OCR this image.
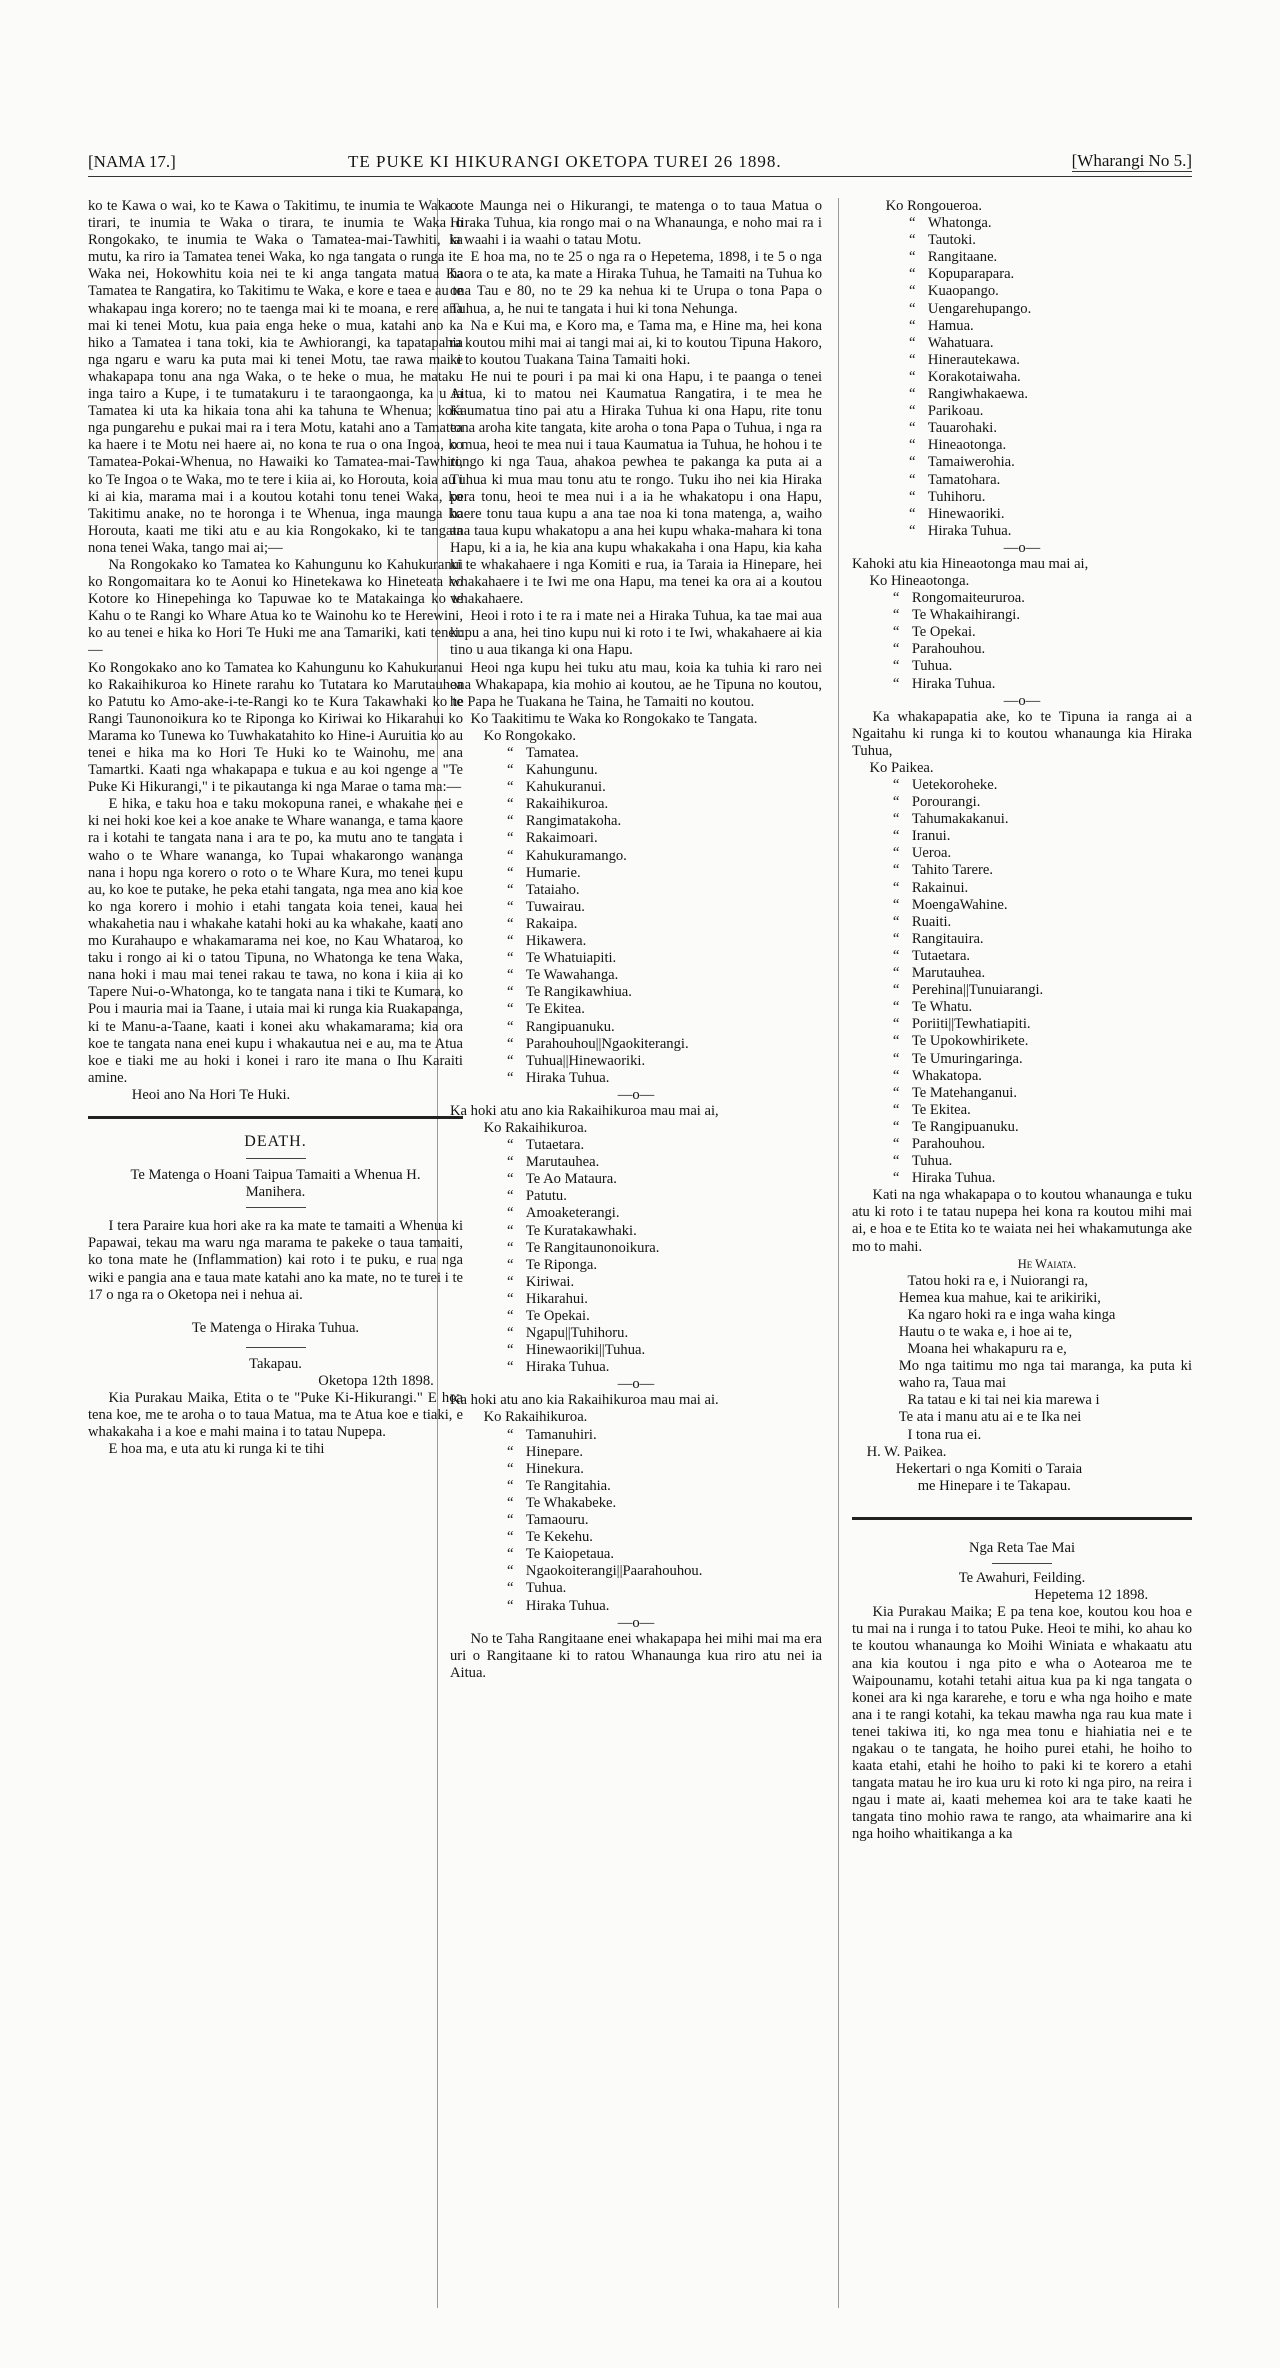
[NAMA 17.]	TE PUKE KI HIKURANGI OKETOPA TUREI 26 1898.	[Wharangi No 5.]

ko te Kawa o wai, ko te Kawa o Takitimu, te inumia te Waka o tirari, te inumia te Waka o tirara, te inumia te Waka o Rongokako, te inumia te Waka o Tamatea-mai-Tawhiti, ka mutu, ka riro ia Tamatea tenei Waka, ko nga tangata o runga ite Waka nei, Hokowhitu koia nei te ki anga tangata matua Ka Tamatea te Rangatira, ko Takitimu te Waka, e kore e taea e au te whakapau inga korero; no te taenga mai ki te moana, e rere ana mai ki tenei Motu, kua paia enga heke o mua, katahi ano ka hiko a Tamatea i tana toki, kia te Awhiorangi, ka tapatapahia nga ngaru e waru ka puta mai ki tenei Motu, tae rawa mai e whakapapa tonu ana nga Waka, o te heke o mua, he mataku inga tairo a Kupe, i te tumatakuru i te taraongaonga, ka u ia Tamatea ki uta ka hikaia tona ahi ka tahuna te Whenua; koia nga pungarehu e pukai mai ra i tera Motu, katahi ano a Tamatea ka haere i te Motu nei haere ai, no kona te rua o ona Ingoa, ko Tamatea-Pokai-Whenua, no Hawaiki ko Tamatea-mai-Tawhiti, ko Te Ingoa o te Waka, mo te tere i kiia ai, ko Horouta, koia au i ki ai kia, marama mai i a koutou kotahi tonu tenei Waka, ko Takitimu anake, no te horonga i te Whenua, inga maunga ko Horouta, kaati me tiki atu e au kia Rongokako, ki te tangata nona tenei Waka, tango mai ai;—

Na Rongokako ko Tamatea ko Kahungunu ko Kahukuranui ko Rongomaitara ko te Aonui ko Hinetekawa ko Hineteata ko Kotore ko Hinepehinga ko Tapuwae ko te Matakainga ko te Kahu o te Rangi ko Whare Atua ko te Wainohu ko te Herewini, ko au tenei e hika ko Hori Te Huki me ana Tamariki, kati tenei:—

Ko Rongokako ano ko Tamatea ko Kahungunu ko Kahukuranui ko Rakaihikuroa ko Hinete rarahu ko Tutatara ko Marutauhea ko Patutu ko Amo-ake-i-te-Rangi ko te Kura Takawhaki ko te Rangi Taunonoikura ko te Riponga ko Kiriwai ko Hikarahui ko Marama ko Tunewa ko Tuwhakatahito ko Hine-i Auruitia ko au tenei e hika ma ko Hori Te Huki ko te Wainohu, me ana Tamartki. Kaati nga whakapapa e tukua e au koi ngenge a "Te Puke Ki Hikurangi," i te pikautanga ki nga Marae o tama ma:—

E hika, e taku hoa e taku mokopuna ranei, e whakahe nei e ki nei hoki koe kei a koe anake te Whare wananga, e tama kaore ra i kotahi te tangata nana i ara te po, ka mutu ano te tangata i waho o te Whare wananga, ko Tupai whakarongo wananga nana i hopu nga korero o roto o te Whare Kura, mo tenei kupu au, ko koe te putake, he peka etahi tangata, nga mea ano kia koe ko nga korero i mohio i etahi tangata koia tenei, kaua hei whakahetia nau i whakahe katahi hoki au ka whakahe, kaati ano mo Kurahaupo e whakamarama nei koe, no Kau Whataroa, ko taku i rongo ai ki o tatou Tipuna, no Whatonga ke tena Waka, nana hoki i mau mai tenei rakau te tawa, no kona i kiia ai ko Tapere Nui-o-Whatonga, ko te tangata nana i tiki te Kumara, ko Pou i mauria mai ia Taane, i utaia mai ki runga kia Ruakapanga, ki te Manu-a-Taane, kaati i konei aku whakamarama; kia ora koe te tangata nana enei kupu i whakautua nei e au, ma te Atua koe e tiaki me au hoki i konei i raro ite mana o Ihu Karaiti amine.

Heoi ano Na Hori Te Huki.

DEATH.

Te Matenga o Hoani Taipua Tamaiti a Whenua H. Manihera.

I tera Paraire kua hori ake ra ka mate te tamaiti a Whenua ki Papawai, tekau ma waru nga marama te pakeke o taua tamaiti, ko tona mate he (Inflammation) kai roto i te puku, e rua nga wiki e pangia ana e taua mate katahi ano ka mate, no te turei i te 17 o nga ra o Oketopa nei i nehua ai.

Te Matenga o Hiraka Tuhua.

Takapau.

Oketopa 12th 1898.

Kia Purakau Maika, Etita o te "Puke Ki-Hikurangi." E hoa tena koe, me te aroha o to taua Matua, ma te Atua koe e tiaki, e whakakaha i a koe e mahi maina i to tatau Nupepa.

E hoa ma, e uta atu ki runga ki te tihi

o te Maunga nei o Hikurangi, te matenga o to taua Matua o Hiraka Tuhua, kia rongo mai o na Whanaunga, e noho mai ra i ia waahi i ia waahi o tatau Motu.

E hoa ma, no te 25 o nga ra o Hepetema, 1898, i te 5 o nga haora o te ata, ka mate a Hiraka Tuhua, he Tamaiti na Tuhua ko ona Tau e 80, no te 29 ka nehua ki te Urupa o tona Papa o Tuhua, a, he nui te tangata i hui ki tona Nehunga.

Na e Kui ma, e Koro ma, e Tama ma, e Hine ma, hei kona ra koutou mihi mai ai tangi mai ai, ki to koutou Tipuna Hakoro, ki to koutou Tuakana Taina Tamaiti hoki.

He nui te pouri i pa mai ki ona Hapu, i te paanga o tenei Aitua, ki to matou nei Kaumatua Rangatira, i te mea he Kaumatua tino pai atu a Hiraka Tuhua ki ona Hapu, rite tonu tona aroha kite tangata, kite aroha o tona Papa o Tuhua, i nga ra o mua, heoi te mea nui i taua Kaumatua ia Tuhua, he hohou i te rongo ki nga Taua, ahakoa pewhea te pakanga ka puta ai a Tuhua ki mua mau tonu atu te rongo. Tuku iho nei kia Hiraka pera tonu, heoi te mea nui i a ia he whakatopu i ona Hapu, haere tonu taua kupu a ana tae noa ki tona matenga, a, waiho ana taua kupu whakatopu a ana hei kupu whaka-mahara ki tona Hapu, ki a ia, he kia ana kupu whakakaha i ona Hapu, kia kaha ki te whakahaere i nga Komiti e rua, ia Taraia ia Hinepare, hei whakahaere i te Iwi me ona Hapu, ma tenei ka ora ai a koutou whakahaere.

Heoi i roto i te ra i mate nei a Hiraka Tuhua, ka tae mai aua kupu a ana, hei tino kupu nui ki roto i te Iwi, whakahaere ai kia tino u aua tikanga ki ona Hapu.

Heoi nga kupu hei tuku atu mau, koia ka tuhia ki raro nei ona Whakapapa, kia mohio ai koutou, ae he Tipuna no koutou, he Papa he Tuakana he Taina, he Tamaiti no koutou.

Ko Taakitimu te Waka ko Rongokako te Tangata.

Ko Rongokako.
“ Tamatea.
“ Kahungunu.
“ Kahukuranui.
“ Rakaihikuroa.
“ Rangimatakoha.
“ Rakaimoari.
“ Kahukuramango.
“ Humarie.
“ Tataiaho.
“ Tuwairau.
“ Rakaipa.
“ Hikawera.
“ Te Whatuiapiti.
“ Te Wawahanga.
“ Te Rangikawhiua.
“ Te Ekitea.
“ Rangipuanuku.
“ Parahouhou||Ngaokiterangi.
“ Tuhua||Hinewaoriki.
“ Hiraka Tuhua.
—o—

Ka hoki atu ano kia Rakaihikuroa mau mai ai,

Ko Rakaihikuroa.
“ Tutaetara.
“ Marutauhea.
“ Te Ao Mataura.
“ Patutu.
“ Amoaketerangi.
“ Te Kuratakawhaki.
“ Te Rangitaunonoikura.
“ Te Riponga.
“ Kiriwai.
“ Hikarahui.
“ Te Opekai.
“ Ngapu||Tuhihoru.
“ Hinewaoriki||Tuhua.
“ Hiraka Tuhua.
—o—

Ka hoki atu ano kia Rakaihikuroa mau mai ai.

Ko Rakaihikuroa.
“ Tamanuhiri.
“ Hinepare.
“ Hinekura.
“ Te Rangitahia.
“ Te Whakabeke.
“ Tamaouru.
“ Te Kekehu.
“ Te Kaiopetaua.
“ Ngaokoiterangi||Paarahouhou.
“ Tuhua.
“ Hiraka Tuhua.
—o—

No te Taha Rangitaane enei whakapapa hei mihi mai ma era uri o Rangitaane ki to ratou Whanaunga kua riro atu nei ia Aitua.

Ko Rongoueroa.
“ Whatonga.
“ Tautoki.
“ Rangitaane.
“ Kopuparapara.
“ Kuaopango.
“ Uengarehupango.
“ Hamua.
“ Wahatuara.
“ Hinerautekawa.
“ Korakotaiwaha.
“ Rangiwhakaewa.
“ Parikoau.
“ Tauarohaki.
“ Hineaotonga.
“ Tamaiwerohia.
“ Tamatohara.
“ Tuhihoru.
“ Hinewaoriki.
“ Hiraka Tuhua.
—o—

Kahoki atu kia Hineaotonga mau mai ai,

Ko Hineaotonga.
“ Rongomaiteururoa.
“ Te Whakaihirangi.
“ Te Opekai.
“ Parahouhou.
“ Tuhua.
“ Hiraka Tuhua.
—o—

Ka whakapapatia ake, ko te Tipuna ia ranga ai a Ngaitahu ki runga ki to koutou whanaunga kia Hiraka Tuhua,

Ko Paikea.
“ Uetekoroheke.
“ Porourangi.
“ Tahumakakanui.
“ Iranui.
“ Ueroa.
“ Tahito Tarere.
“ Rakainui.
“ MoengaWahine.
“ Ruaiti.
“ Rangitauira.
“ Tutaetara.
“ Marutauhea.
“ Perehina||Tunuiarangi.
“ Te Whatu.
“ Poriiti||Tewhatiapiti.
“ Te Upokowhirikete.
“ Te Umuringaringa.
“ Whakatopa.
“ Te Matehanganui.
“ Te Ekitea.
“ Te Rangipuanuku.
“ Parahouhou.
“ Tuhua.
“ Hiraka Tuhua.

Kati na nga whakapapa o to koutou whanaunga e tuku atu ki roto i te tatau nupepa hei kona ra koutou mihi mai ai, e hoa e te Etita ko te waiata nei hei whakamutunga ake mo to mahi.

He Waiata.

Tatou hoki ra e, i Nuiorangi ra,
Hemea kua mahue, kai te arikiriki,
Ka ngaro hoki ra e inga waha kinga
Hautu o te waka e, i hoe ai te,
Moana hei whakapuru ra e,
Mo nga taitimu mo nga tai maranga, ka puta ki waho ra, Taua mai
Ra tatau e ki tai nei kia marewa i
Te ata i manu atu ai e te Ika nei
I tona rua ei.

H. W. Paikea.

Hekertari o nga Komiti o Taraia

me Hinepare i te Takapau.

Nga Reta Tae Mai

Te Awahuri, Feilding.

Hepetema 12 1898.

Kia Purakau Maika; E pa tena koe, koutou kou hoa e tu mai na i runga i to tatou Puke. Heoi te mihi, ko ahau ko te koutou whanaunga ko Moihi Winiata e whakaatu atu ana kia koutou i nga pito e wha o Aotearoa me te Waipounamu, kotahi tetahi aitua kua pa ki nga tangata o konei ara ki nga kararehe, e toru e wha nga hoiho e mate ana i te rangi kotahi, ka tekau mawha nga rau kua mate i tenei takiwa iti, ko nga mea tonu e hiahiatia nei e te ngakau o te tangata, he hoiho purei etahi, he hoiho to kaata etahi, etahi he hoiho to paki ki te korero a etahi tangata matau he iro kua uru ki roto ki nga piro, na reira i ngau i mate ai, kaati mehemea koi ara te take kaati he tangata tino mohio rawa te rango, ata whaimarire ana ki nga hoiho whaitikanga a ka
